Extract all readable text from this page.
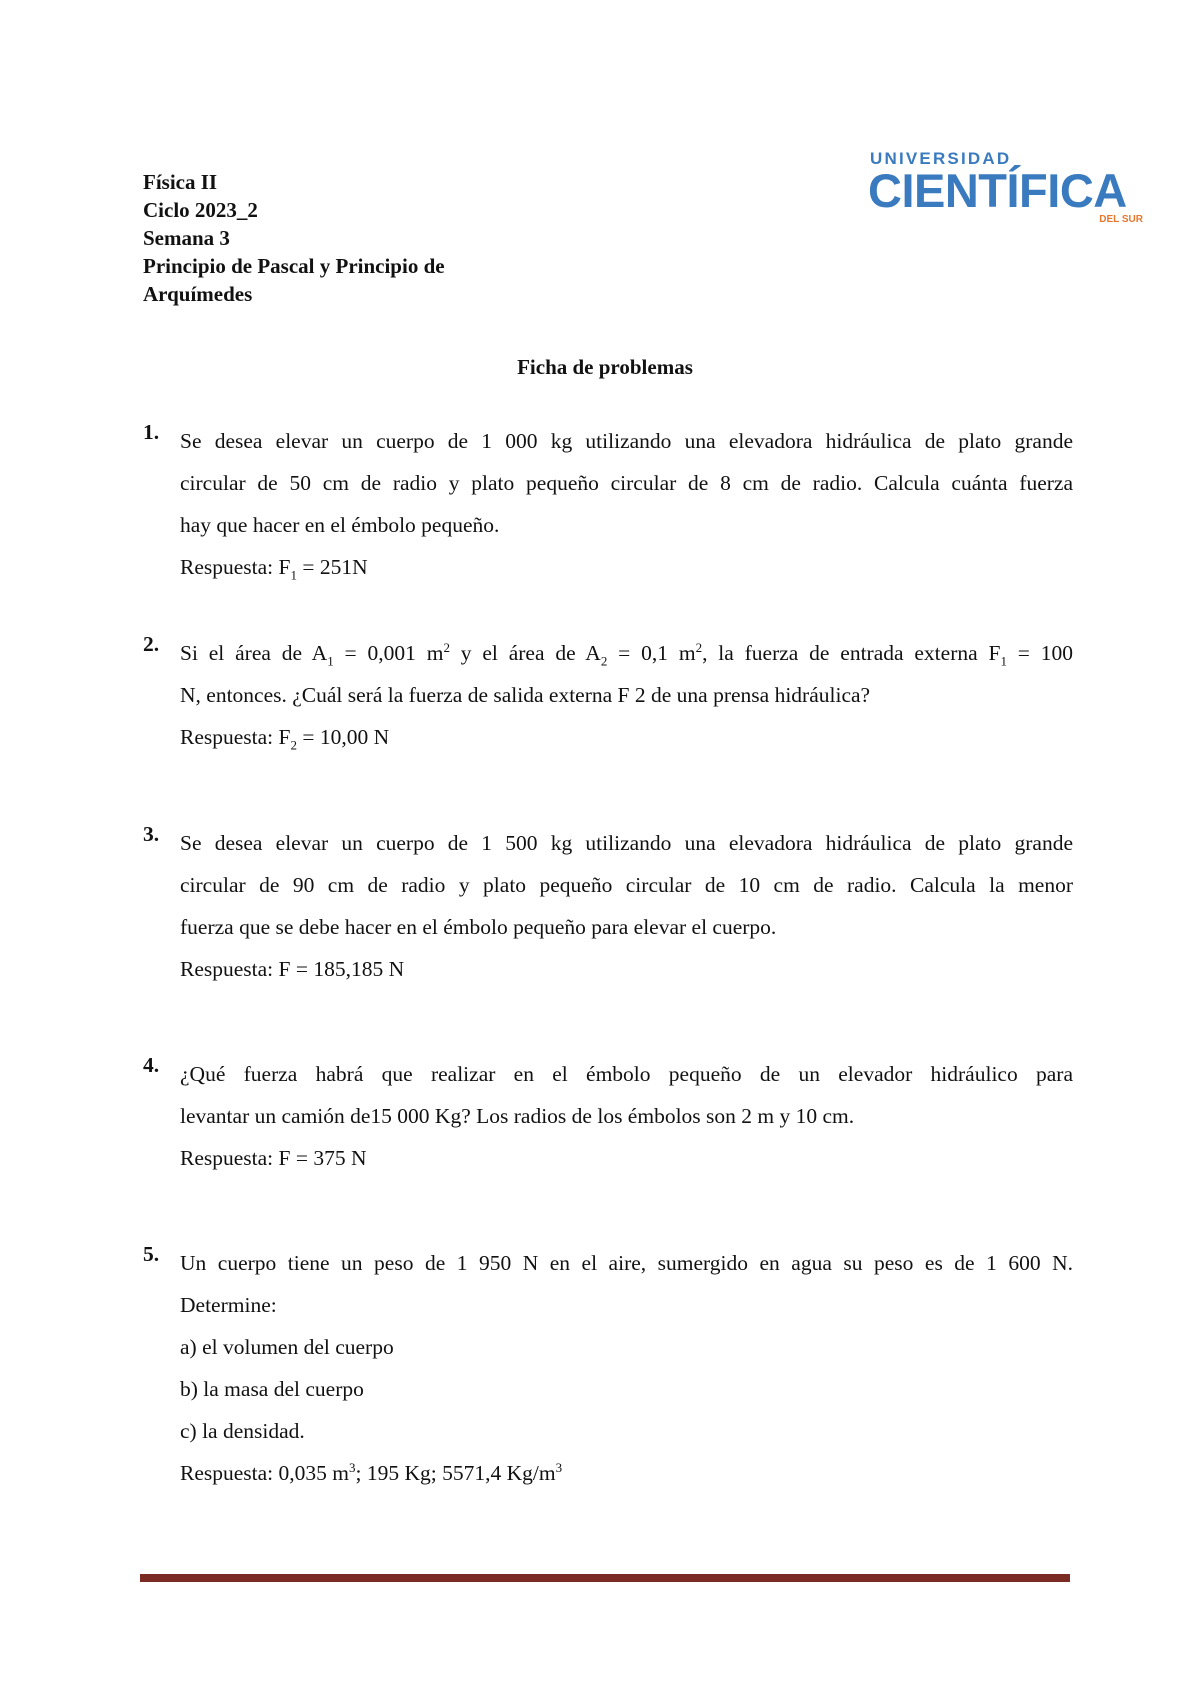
Física II
Ciclo 2023_2
Semana 3
Principio de Pascal y Principio de
Arquímedes
UNIVERSIDAD
CIENTÍFICA
DEL SUR
Ficha de problemas
1. Se desea elevar un cuerpo de 1 000 kg utilizando una elevadora hidráulica de plato grande
circular de 50 cm de radio y plato pequeño circular de 8 cm de radio. Calcula cuánta fuerza
hay que hacer en el émbolo pequeño.
Respuesta: $F_1 = 251N$
2. Si el área de $A_1 = 0,001$ $m^2$ y el área de $A_2 = 0,1$ $m^2$, la fuerza de entrada externa $F_1 = 100$
N, entonces. ¿Cuál será la fuerza de salida externa F 2 de una prensa hidráulica?
Respuesta: $F_2 = 10,00$ N
3. Se desea elevar un cuerpo de 1 500 kg utilizando una elevadora hidráulica de plato grande
circular de 90 cm de radio y plato pequeño circular de 10 cm de radio. Calcula la menor
fuerza que se debe hacer en el émbolo pequeño para elevar el cuerpo.
Respuesta: F = 185,185 N
4. ¿Qué fuerza habrá que realizar en el émbolo pequeño de un elevador hidráulico para
levantar un camión de15 000 Kg? Los radios de los émbolos son 2 m y 10 cm.
Respuesta: F = 375 N
5. Un cuerpo tiene un peso de 1 950 N en el aire, sumergido en agua su peso es de 1 600 N.
Determine:
a) el volumen del cuerpo
b) la masa del cuerpo
c) la densidad.
Respuesta: 0,035 $m^3$; 195 Kg; 5571,4 $Kg/m^3$
